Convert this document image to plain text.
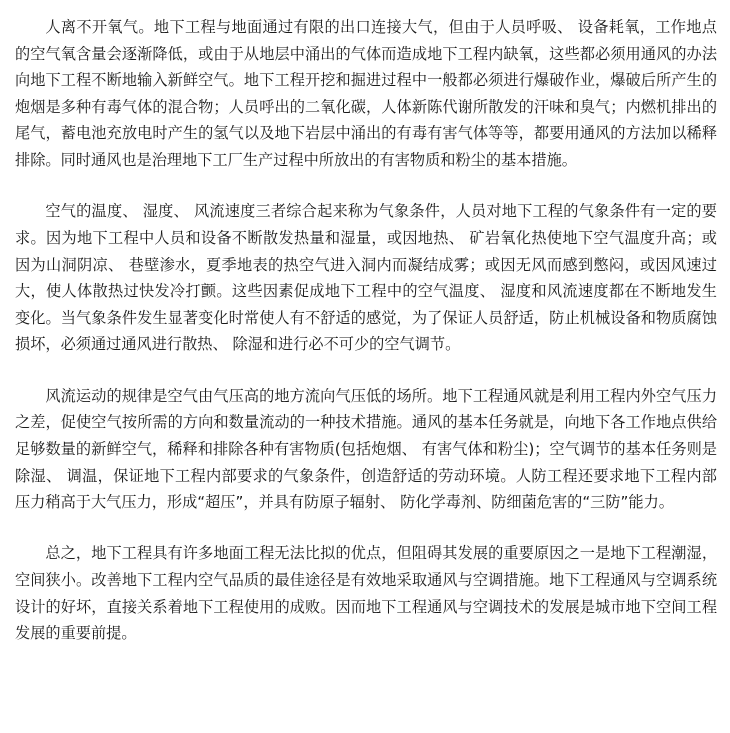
人离不开氧气。地下工程与地面通过有限的出口连接大气，但由于人员呼吸、 设备耗氧，工作地点的空气氧含量会逐渐降低，或由于从地层中涌出的气体而造成地下工程内缺氧，这些都必须用通风的办法向地下工程不断地输入新鲜空气。地下工程开挖和掘进过程中一般都必须进行爆破作业，爆破后所产生的炮烟是多种有毒气体的混合物；人员呼出的二氧化碳，人体新陈代谢所散发的汗味和臭气；内燃机排出的尾气，蓄电池充放电时产生的氢气以及地下岩层中涌出的有毒有害气体等等，都要用通风的方法加以稀释排除。同时通风也是治理地下工厂生产过程中所放出的有害物质和粉尘的基本措施。

空气的温度、 湿度、 风流速度三者综合起来称为气象条件，人员对地下工程的气象条件有一定的要求。因为地下工程中人员和设备不断散发热量和湿量，或因地热、 矿岩氧化热使地下空气温度升高；或因为山洞阴凉、 巷壁渗水，夏季地表的热空气进入洞内而凝结成雾；或因无风而感到憋闷，或因风速过大，使人体散热过快发冷打颤。这些因素促成地下工程中的空气温度、 湿度和风流速度都在不断地发生变化。当气象条件发生显著变化时常使人有不舒适的感觉，为了保证人员舒适，防止机械设备和物质腐蚀损坏，必须通过通风进行散热、 除湿和进行必不可少的空气调节。

风流运动的规律是空气由气压高的地方流向气压低的场所。地下工程通风就是利用工程内外空气压力之差，促使空气按所需的方向和数量流动的一种技术措施。通风的基本任务就是，向地下各工作地点供给足够数量的新鲜空气，稀释和排除各种有害物质(包括炮烟、 有害气体和粉尘)；空气调节的基本任务则是除湿、 调温，保证地下工程内部要求的气象条件，创造舒适的劳动环境。人防工程还要求地下工程内部压力稍高于大气压力，形成“超压”，并具有防原子辐射、 防化学毒剂、防细菌危害的“三防”能力。

总之，地下工程具有许多地面工程无法比拟的优点，但阻碍其发展的重要原因之一是地下工程潮湿，空间狭小。改善地下工程内空气品质的最佳途径是有效地采取通风与空调措施。地下工程通风与空调系统设计的好坏，直接关系着地下工程使用的成败。因而地下工程通风与空调技术的发展是城市地下空间工程发展的重要前提。
